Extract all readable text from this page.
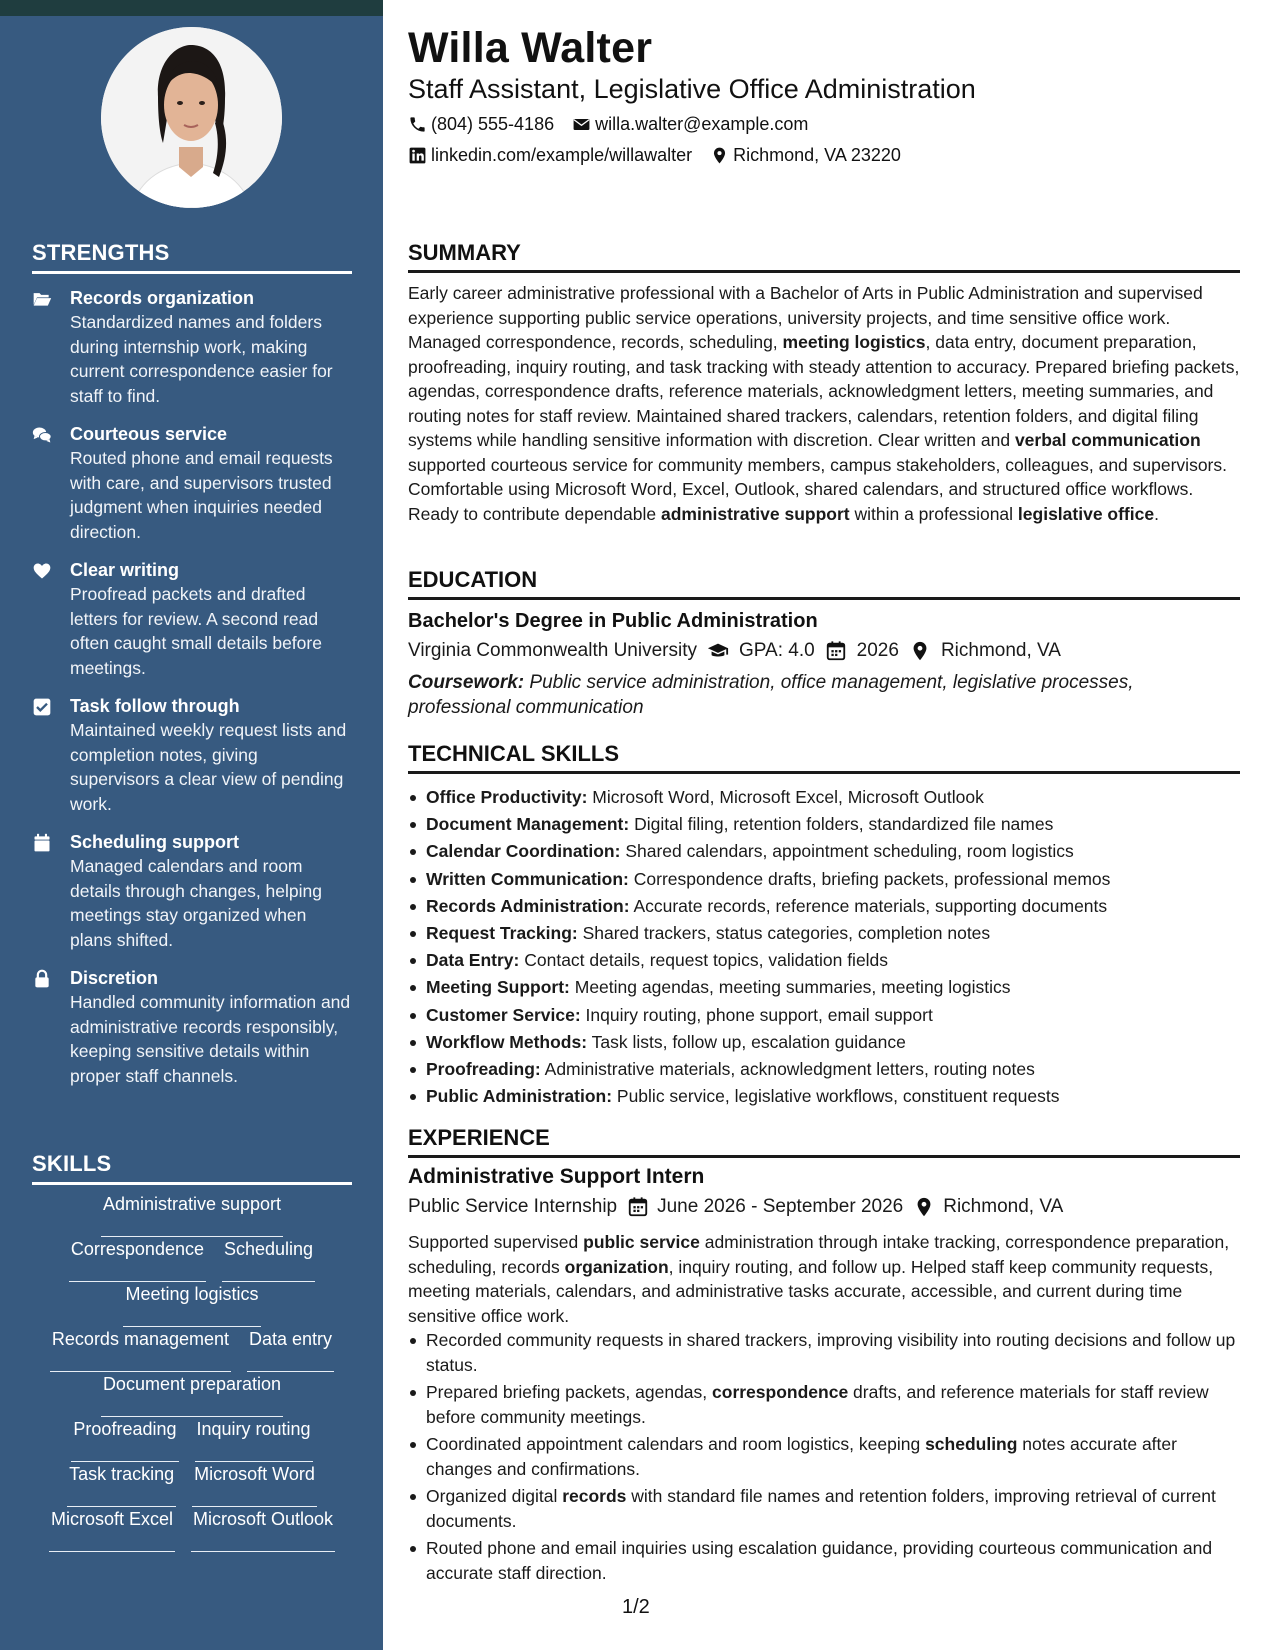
STRENGTHS
Records organization
Standardized names and folders during internship work, making current correspondence easier for staff to find.
Courteous service
Routed phone and email requests with care, and supervisors trusted judgment when inquiries needed direction.
Clear writing
Proofread packets and drafted letters for review. A second read often caught small details before meetings.
Task follow through
Maintained weekly request lists and completion notes, giving supervisors a clear view of pending work.
Scheduling support
Managed calendars and room details through changes, helping meetings stay organized when plans shifted.
Discretion
Handled community information and administrative records responsibly, keeping sensitive details within proper staff channels.
SKILLS
Administrative support
Correspondence Scheduling
Meeting logistics
Records management Data entry
Document preparation
Proofreading Inquiry routing
Task tracking Microsoft Word
Microsoft Excel Microsoft Outlook
Willa Walter
Staff Assistant, Legislative Office Administration
(804) 555-4186 willa.walter@example.com
linkedin.com/example/willawalter Richmond, VA 23220
SUMMARY
Early career administrative professional with a Bachelor of Arts in Public Administration and supervised experience supporting public service operations, university projects, and time sensitive office work. Managed correspondence, records, scheduling, meeting logistics, data entry, document preparation, proofreading, inquiry routing, and task tracking with steady attention to accuracy. Prepared briefing packets, agendas, correspondence drafts, reference materials, acknowledgment letters, meeting summaries, and routing notes for staff review. Maintained shared trackers, calendars, retention folders, and digital filing systems while handling sensitive information with discretion. Clear written and verbal communication supported courteous service for community members, campus stakeholders, colleagues, and supervisors. Comfortable using Microsoft Word, Excel, Outlook, shared calendars, and structured office workflows. Ready to contribute dependable administrative support within a professional legislative office.
EDUCATION
Bachelor's Degree in Public Administration
Virginia Commonwealth University GPA: 4.0 2026 Richmond, VA
Coursework: Public service administration, office management, legislative processes, professional communication
TECHNICAL SKILLS
Office Productivity: Microsoft Word, Microsoft Excel, Microsoft Outlook
Document Management: Digital filing, retention folders, standardized file names
Calendar Coordination: Shared calendars, appointment scheduling, room logistics
Written Communication: Correspondence drafts, briefing packets, professional memos
Records Administration: Accurate records, reference materials, supporting documents
Request Tracking: Shared trackers, status categories, completion notes
Data Entry: Contact details, request topics, validation fields
Meeting Support: Meeting agendas, meeting summaries, meeting logistics
Customer Service: Inquiry routing, phone support, email support
Workflow Methods: Task lists, follow up, escalation guidance
Proofreading: Administrative materials, acknowledgment letters, routing notes
Public Administration: Public service, legislative workflows, constituent requests
EXPERIENCE
Administrative Support Intern
Public Service Internship June 2026 - September 2026 Richmond, VA
Supported supervised public service administration through intake tracking, correspondence preparation, scheduling, records organization, inquiry routing, and follow up. Helped staff keep community requests, meeting materials, calendars, and administrative tasks accurate, accessible, and current during time sensitive office work.
Recorded community requests in shared trackers, improving visibility into routing decisions and follow up status.
Prepared briefing packets, agendas, correspondence drafts, and reference materials for staff review before community meetings.
Coordinated appointment calendars and room logistics, keeping scheduling notes accurate after changes and confirmations.
Organized digital records with standard file names and retention folders, improving retrieval of current documents.
Routed phone and email inquiries using escalation guidance, providing courteous communication and accurate staff direction.
1/2
